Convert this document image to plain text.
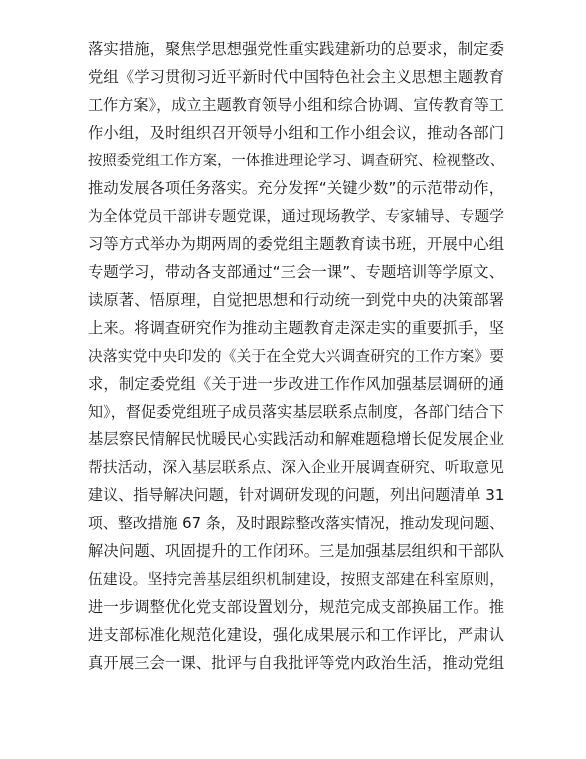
落实措施，聚焦学思想强党性重实践建新功的总要求，制定委
党组《学习贯彻习近平新时代中国特色社会主义思想主题教育
工作方案》，成立主题教育领导小组和综合协调、宣传教育等工
作小组，及时组织召开领导小组和工作小组会议，推动各部门
按照委党组工作方案，一体推进理论学习、调查研究、检视整改、
推动发展各项任务落实。充分发挥“关键少数”的示范带动作，
为全体党员干部讲专题党课，通过现场教学、专家辅导、专题学
习等方式举办为期两周的委党组主题教育读书班，开展中心组
专题学习，带动各支部通过“三会一课”、专题培训等学原文、
读原著、悟原理，自觉把思想和行动统一到党中央的决策部署
上来。将调查研究作为推动主题教育走深走实的重要抓手，坚
决落实党中央印发的《关于在全党大兴调查研究的工作方案》要
求，制定委党组《关于进一步改进工作作风加强基层调研的通
知》，督促委党组班子成员落实基层联系点制度，各部门结合下
基层察民情解民忧暖民心实践活动和解难题稳增长促发展企业
帮扶活动，深入基层联系点、深入企业开展调查研究、听取意见
建议、指导解决问题，针对调研发现的问题，列出问题清单 31
项、整改措施 67 条，及时跟踪整改落实情况，推动发现问题、
解决问题、巩固提升的工作闭环。三是加强基层组织和干部队
伍建设。坚持完善基层组织机制建设，按照支部建在科室原则，
进一步调整优化党支部设置划分，规范完成支部换届工作。推
进支部标准化规范化建设，强化成果展示和工作评比，严肃认
真开展三会一课、批评与自我批评等党内政治生活，推动党组
